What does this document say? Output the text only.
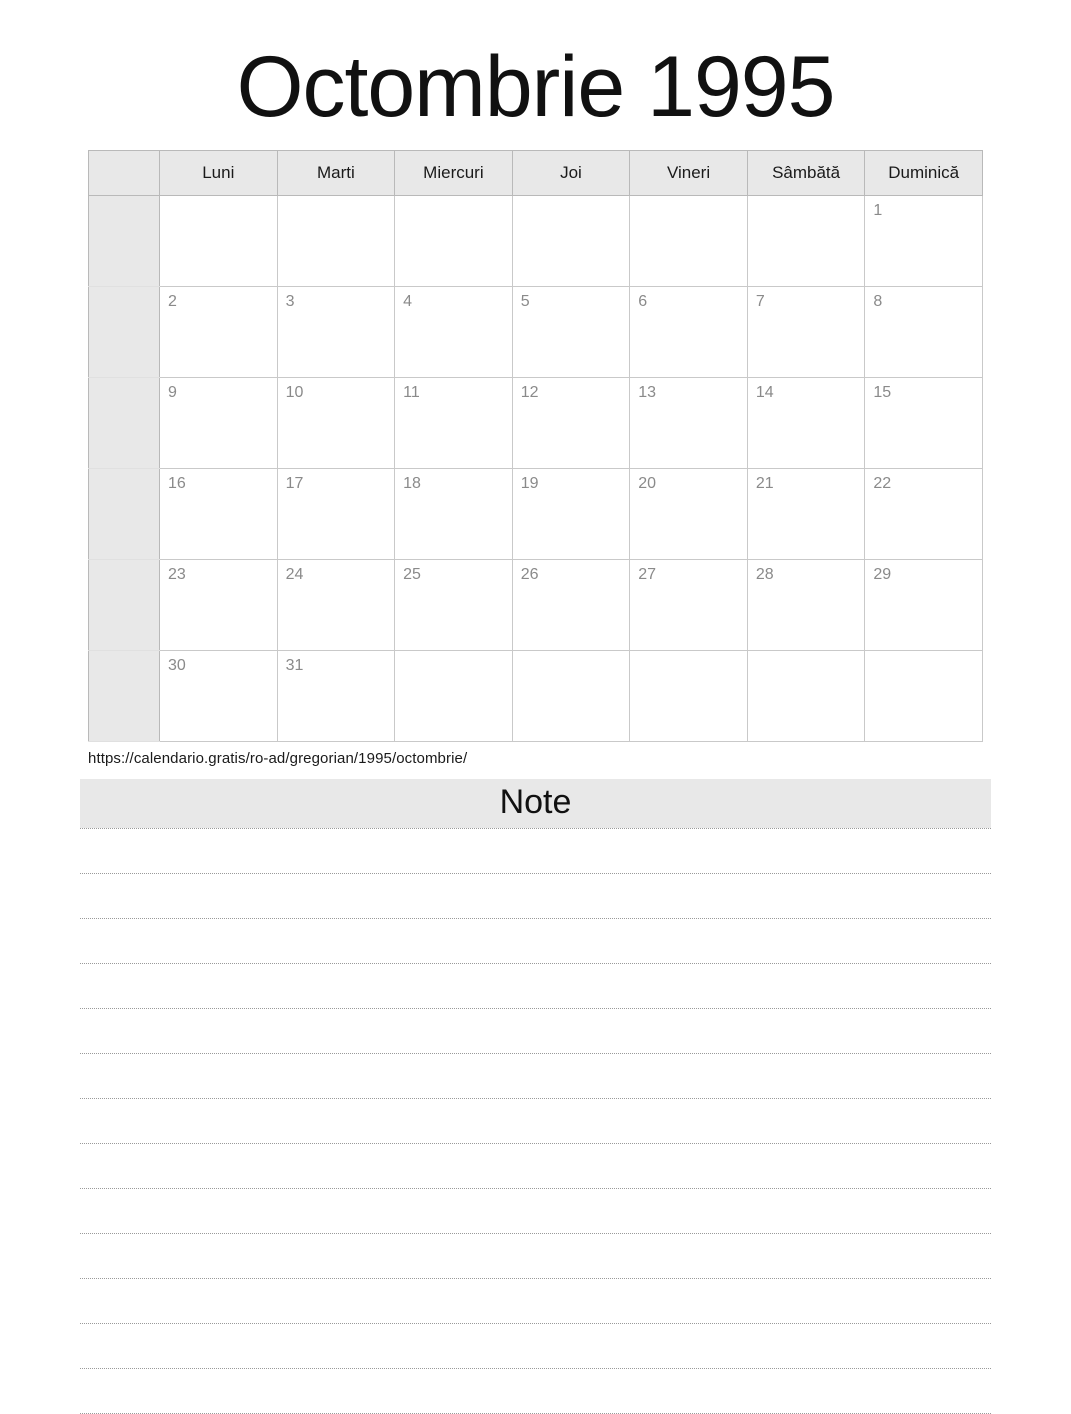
Octombrie 1995
	Luni	Marti	Miercuri	Joi	Vineri	Sâmbătă	Duminică
							1
	2	3	4	5	6	7	8
	9	10	11	12	13	14	15
	16	17	18	19	20	21	22
	23	24	25	26	27	28	29
	30	31					
https://calendario.gratis/ro-ad/gregorian/1995/octombrie/
Note
